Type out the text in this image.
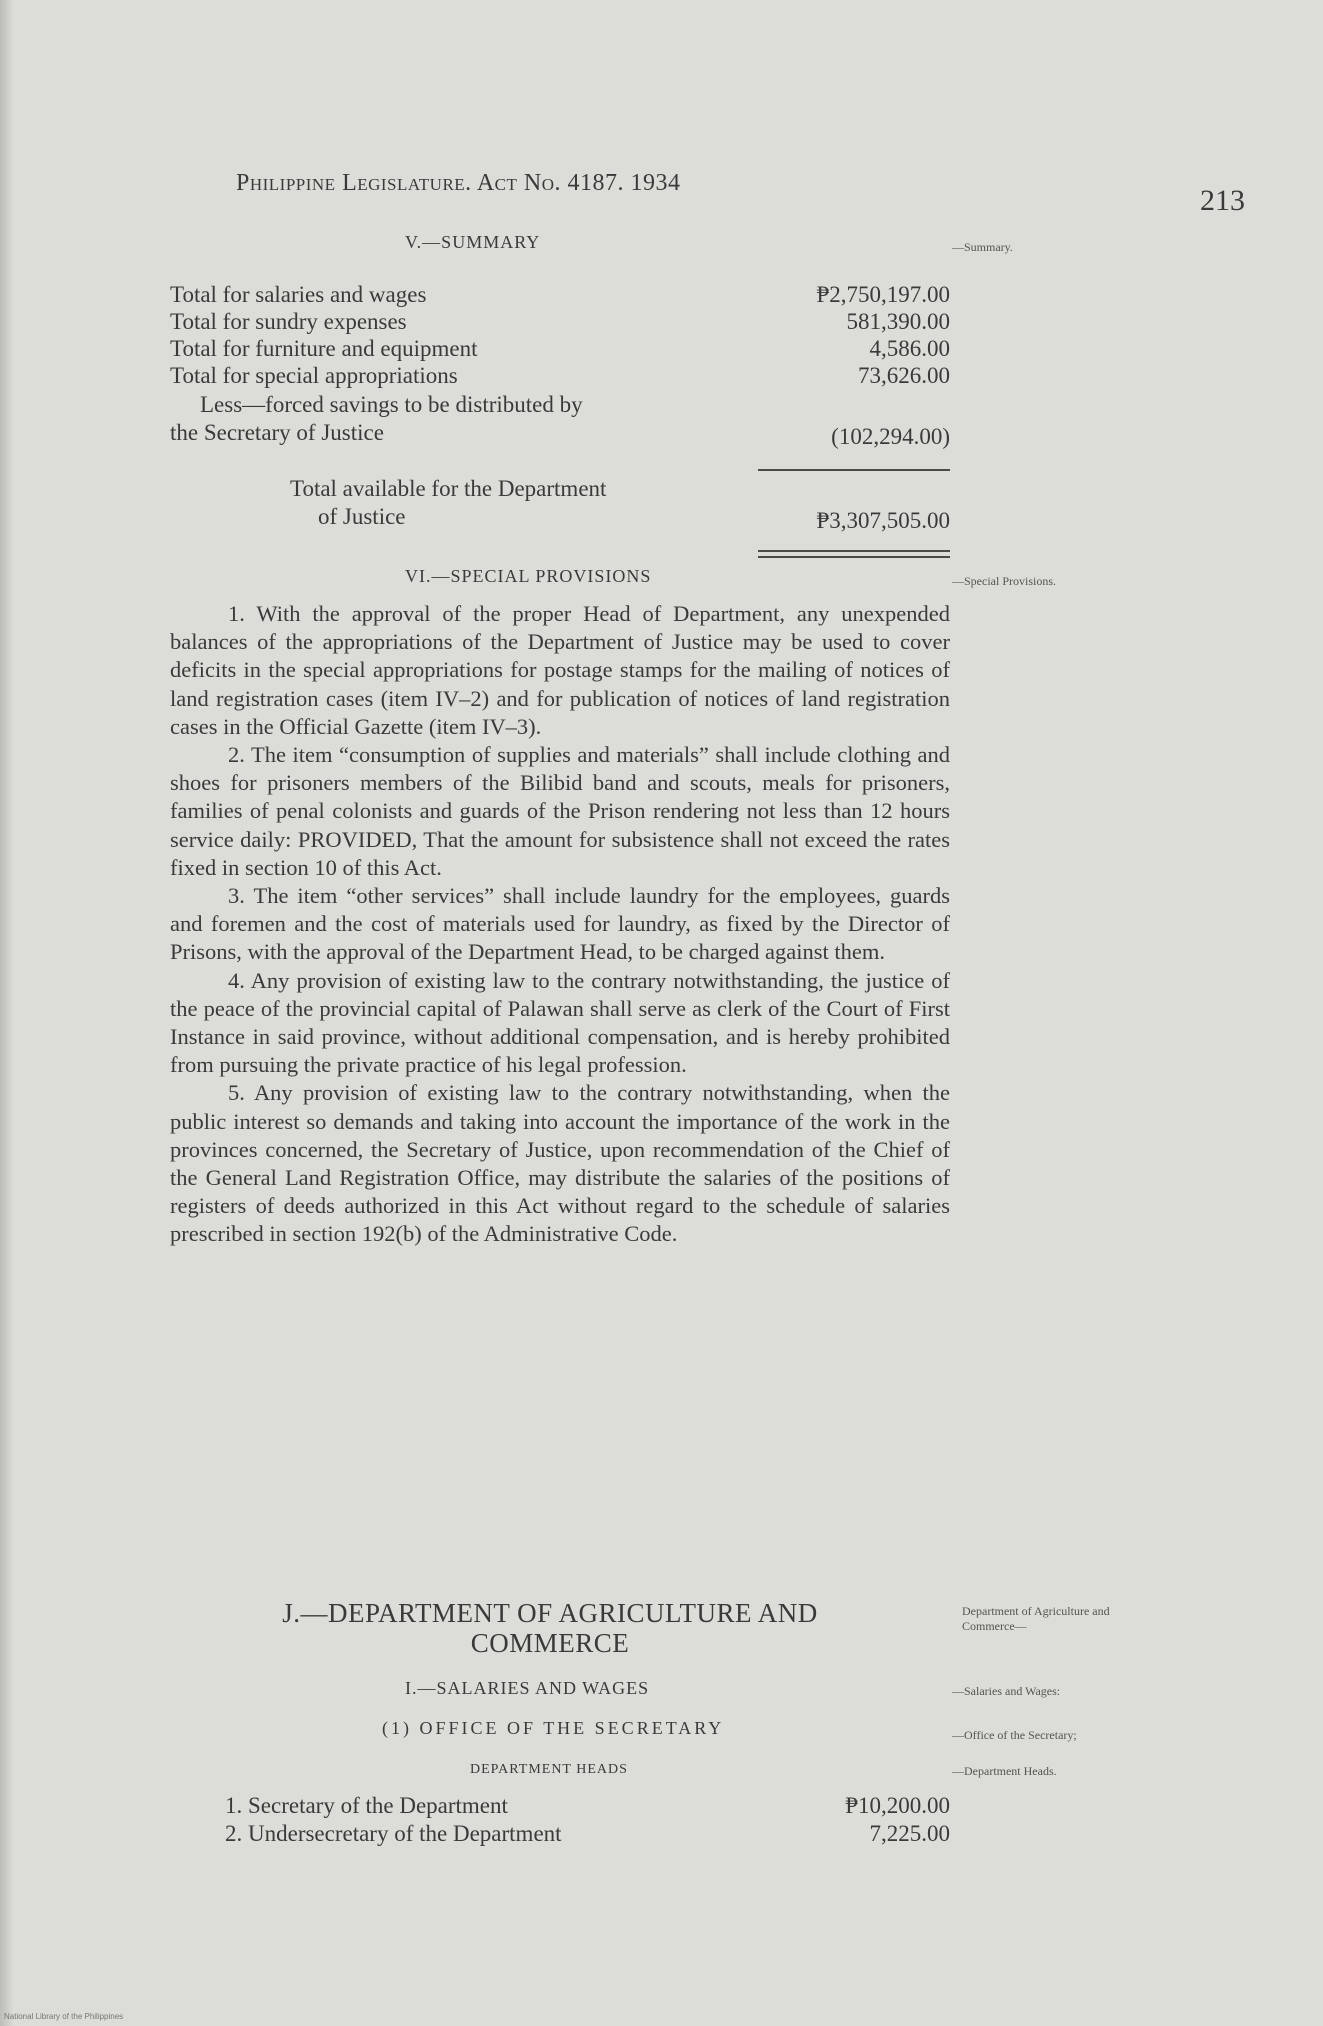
Philippine Legislature. Act No. 4187. 1934
213
V.—SUMMARY	—Summary.
Total for salaries and wages	₱2,750,197.00
Total for sundry expenses	581,390.00
Total for furniture and equipment	4,586.00
Total for special appropriations	73,626.00
Less—forced savings to be distributed by
the Secretary of Justice	(102,294.00)
Total available for the Department
of Justice	₱3,307,505.00
VI.—SPECIAL PROVISIONS	—Special Provisions.

1. With the approval of the proper Head of Department, any unexpended balances of the appropriations of the Department of Justice may be used to cover deficits in the special appropriations for postage stamps for the mailing of notices of land registration cases (item IV–2) and for publication of notices of land registration cases in the Official Gazette (item IV–3).

2. The item “consumption of supplies and materials” shall include clothing and shoes for prisoners members of the Bilibid band and scouts, meals for prisoners, families of penal colonists and guards of the Prison rendering not less than 12 hours service daily: PROVIDED, That the amount for subsistence shall not exceed the rates fixed in section 10 of this Act.

3. The item “other services” shall include laundry for the employees, guards and foremen and the cost of materials used for laundry, as fixed by the Director of Prisons, with the approval of the Department Head, to be charged against them.

4. Any provision of existing law to the contrary notwithstanding, the justice of the peace of the provincial capital of Palawan shall serve as clerk of the Court of First Instance in said province, without additional compensation, and is hereby prohibited from pursuing the private practice of his legal profession.

5. Any provision of existing law to the contrary notwithstanding, when the public interest so demands and taking into account the importance of the work in the provinces concerned, the Secretary of Justice, upon recommendation of the Chief of the General Land Registration Office, may distribute the salaries of the positions of registers of deeds authorized in this Act without regard to the schedule of salaries prescribed in section 192(b) of the Administrative Code.

J.—DEPARTMENT OF AGRICULTURE AND COMMERCE
Department of Agriculture and Commerce—
I.—SALARIES AND WAGES	—Salaries and Wages:
(1) OFFICE OF THE SECRETARY	—Office of the Secretary;
DEPARTMENT HEADS	—Department Heads.
1. Secretary of the Department	₱10,200.00
2. Undersecretary of the Department	7,225.00
National Library of the Philippines
